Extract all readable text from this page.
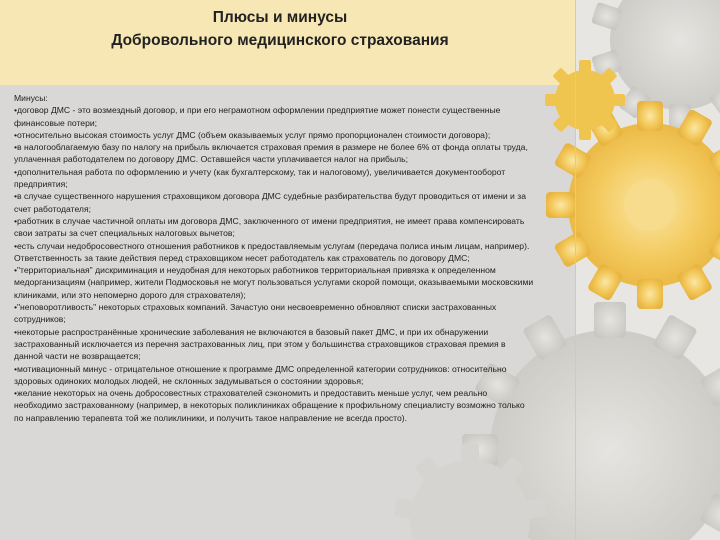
Плюсы и минусы
Добровольного медицинского страхования

Минусы:

•договор ДМС - это возмездный договор, и при его неграмотном оформлении предприятие может понести существенные финансовые потери;

•относительно высокая стоимость услуг ДМС (объем оказываемых услуг прямо пропорционален стоимости договора);

•в налогооблагаемую базу по налогу на прибыль включается страховая премия в размере не более 6% от фонда оплаты труда, уплаченная работодателем по договору ДМС. Оставшейся части уплачивается налог на прибыль;

•дополнительная работа по оформлению и учету (как бухгалтерскому, так и налоговому), увеличивается документооборот предприятия;

•в случае существенного нарушения страховщиком договора ДМС судебные разбирательства будут проводиться от имени и за счет работодателя;

•работник в случае частичной оплаты им договора ДМС, заключенного от имени предприятия, не имеет права компенсировать свои затраты за счет специальных налоговых вычетов;

•есть случаи недобросовестного отношения работников к предоставляемым услугам (передача полиса иным лицам, например). Ответственность за такие действия перед страховщиком несет работодатель как страхователь по договору ДМС;

•"территориальная" дискриминация и неудобная для некоторых работников территориальная привязка к определенном медорганизациям (например, жители Подмосковья не могут пользоваться услугами скорой помощи, оказываемыми московскими клиниками, или это непомерно дорого для страхователя);

•"неповоротливость" некоторых страховых компаний. Зачастую они несвоевременно обновляют списки застрахованных сотрудников;

•некоторые распространённые хронические заболевания не включаются в базовый пакет ДМС, и при их обнаружении застрахованный исключается из перечня застрахованных лиц, при этом у большинства страховщиков страховая премия в данной части не возвращается;

•мотивационный минус - отрицательное отношение к программе ДМС определенной категории сотрудников: относительно здоровых одиноких молодых людей, не склонных задумываться о состоянии здоровья;

•желание некоторых на очень добросовестных страхователей сэкономить и предоставить меньше услуг, чем реально необходимо застрахованному (например, в некоторых поликлиниках обращение к профильному специалисту возможно только по направлению терапевта той же поликлиники, и получить такое направление не всегда просто).
